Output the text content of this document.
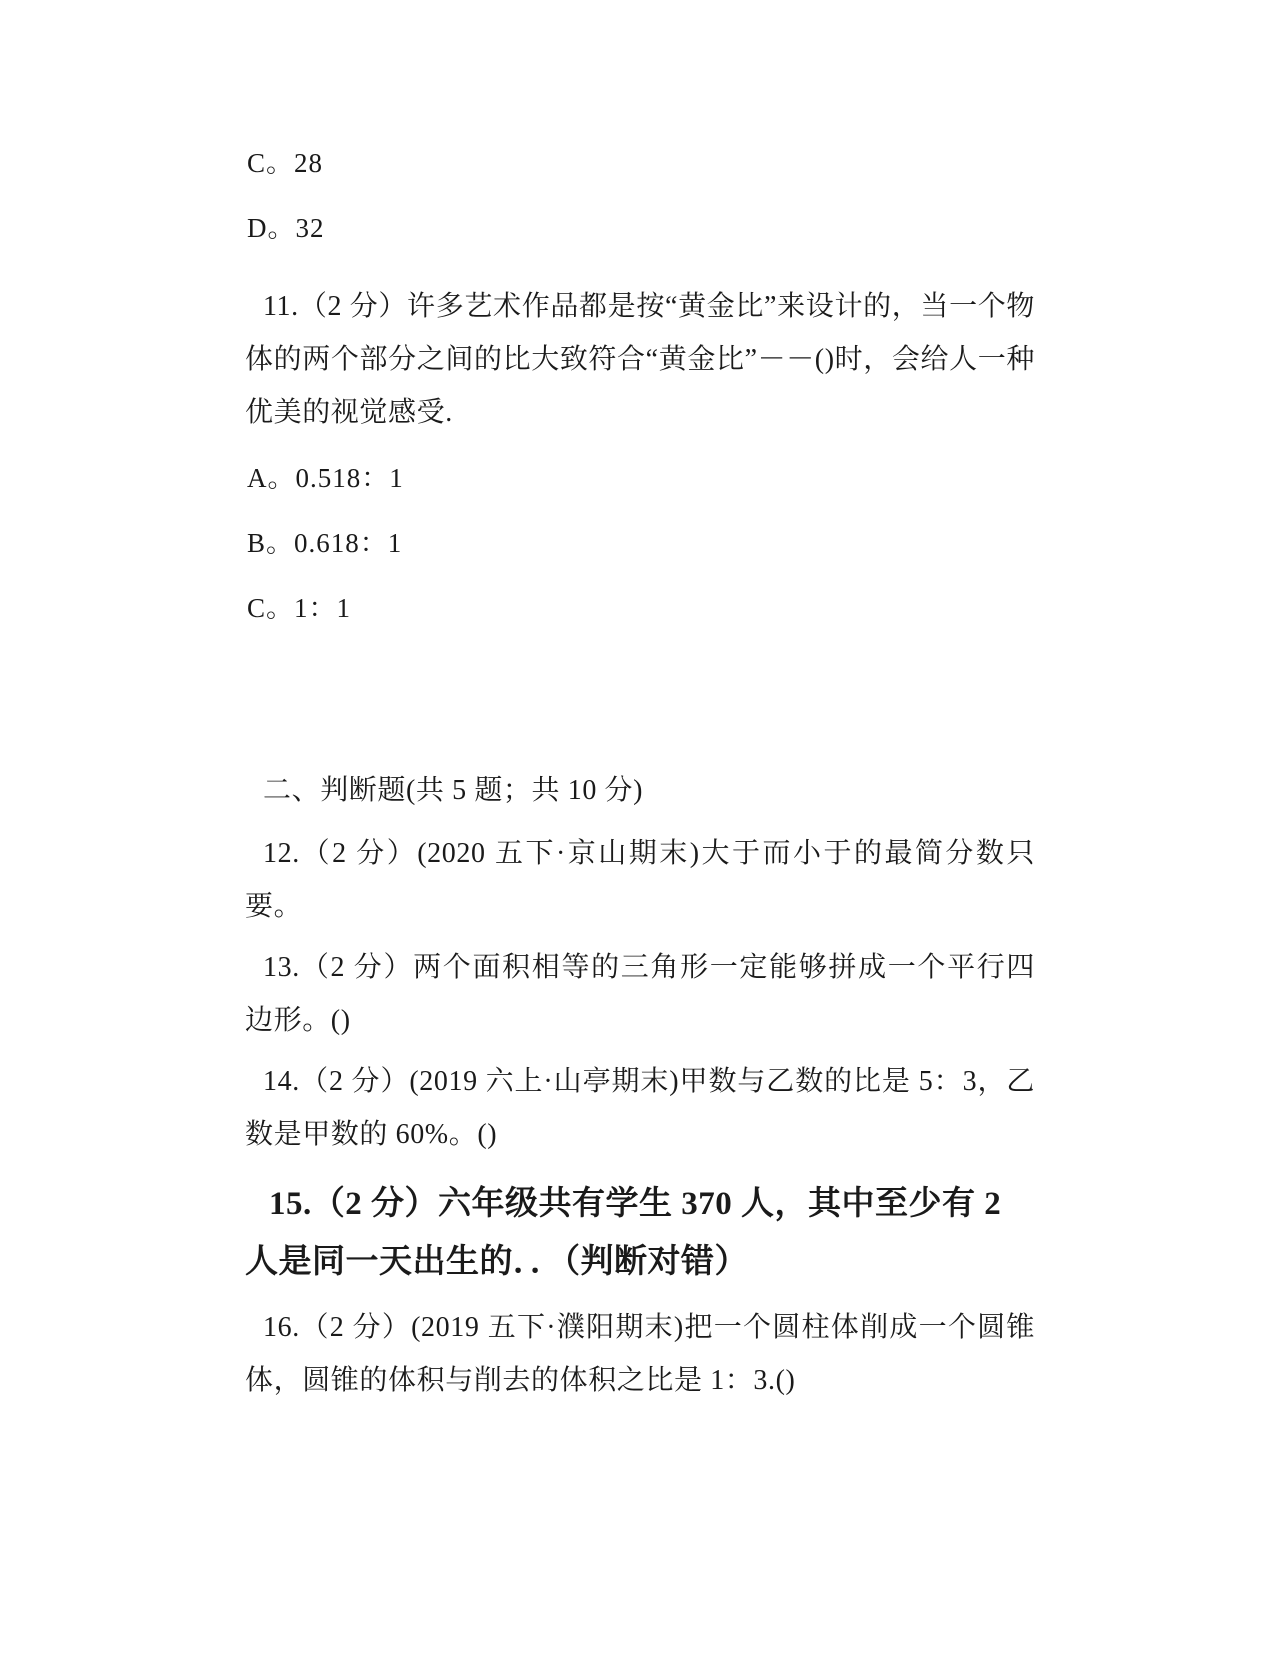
C。28
D。32

11.（2 分）许多艺术作品都是按“黄金比”来设计的，当一个物体的两个部分之间的比大致符合“黄金比”－－()时，会给人一种优美的视觉感受.

A。0.518：1
B。0.618：1
C。1：1

二、判断题(共 5 题；共 10 分)

12.（2 分）(2020 五下·京山期末)大于而小于的最简分数只要。

13.（2 分）两个面积相等的三角形一定能够拼成一个平行四边形。()

14.（2 分）(2019 六上·山亭期末)甲数与乙数的比是 5：3，乙数是甲数的 60%。()

15.（2 分）六年级共有学生 370 人，其中至少有 2 人是同一天出生的．．（判断对错）

16.（2 分）(2019 五下·濮阳期末)把一个圆柱体削成一个圆锥体，圆锥的体积与削去的体积之比是 1：3.()
